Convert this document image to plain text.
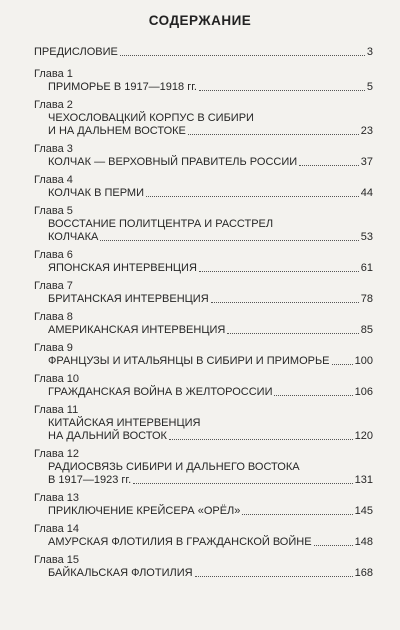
СОДЕРЖАНИЕ
ПРЕДИСЛОВИЕ	3
Глава 1
ПРИМОРЬЕ В 1917—1918 гг.	5
Глава 2
ЧЕХОСЛОВАЦКИЙ КОРПУС В СИБИРИ
И НА ДАЛЬНЕМ ВОСТОКЕ	23
Глава 3
КОЛЧАК — ВЕРХОВНЫЙ ПРАВИТЕЛЬ РОССИИ	37
Глава 4
КОЛЧАК В ПЕРМИ	44
Глава 5
ВОССТАНИЕ ПОЛИТЦЕНТРА И РАССТРЕЛ
КОЛЧАКА	53
Глава 6
ЯПОНСКАЯ ИНТЕРВЕНЦИЯ	61
Глава 7
БРИТАНСКАЯ ИНТЕРВЕНЦИЯ	78
Глава 8
АМЕРИКАНСКАЯ ИНТЕРВЕНЦИЯ	85
Глава 9
ФРАНЦУЗЫ И ИТАЛЬЯНЦЫ В СИБИРИ И ПРИМОРЬЕ 100
Глава 10
ГРАЖДАНСКАЯ ВОЙНА В ЖЕЛТОРОССИИ	106
Глава 11
КИТАЙСКАЯ ИНТЕРВЕНЦИЯ
НА ДАЛЬНИЙ ВОСТОК	120
Глава 12
РАДИОСВЯЗЬ СИБИРИ И ДАЛЬНЕГО ВОСТОКА
В 1917—1923 гг.	131
Глава 13
ПРИКЛЮЧЕНИЕ КРЕЙСЕРА «ОРЁЛ»	145
Глава 14
АМУРСКАЯ ФЛОТИЛИЯ В ГРАЖДАНСКОЙ ВОЙНЕ	148
Глава 15
БАЙКАЛЬСКАЯ ФЛОТИЛИЯ	168
